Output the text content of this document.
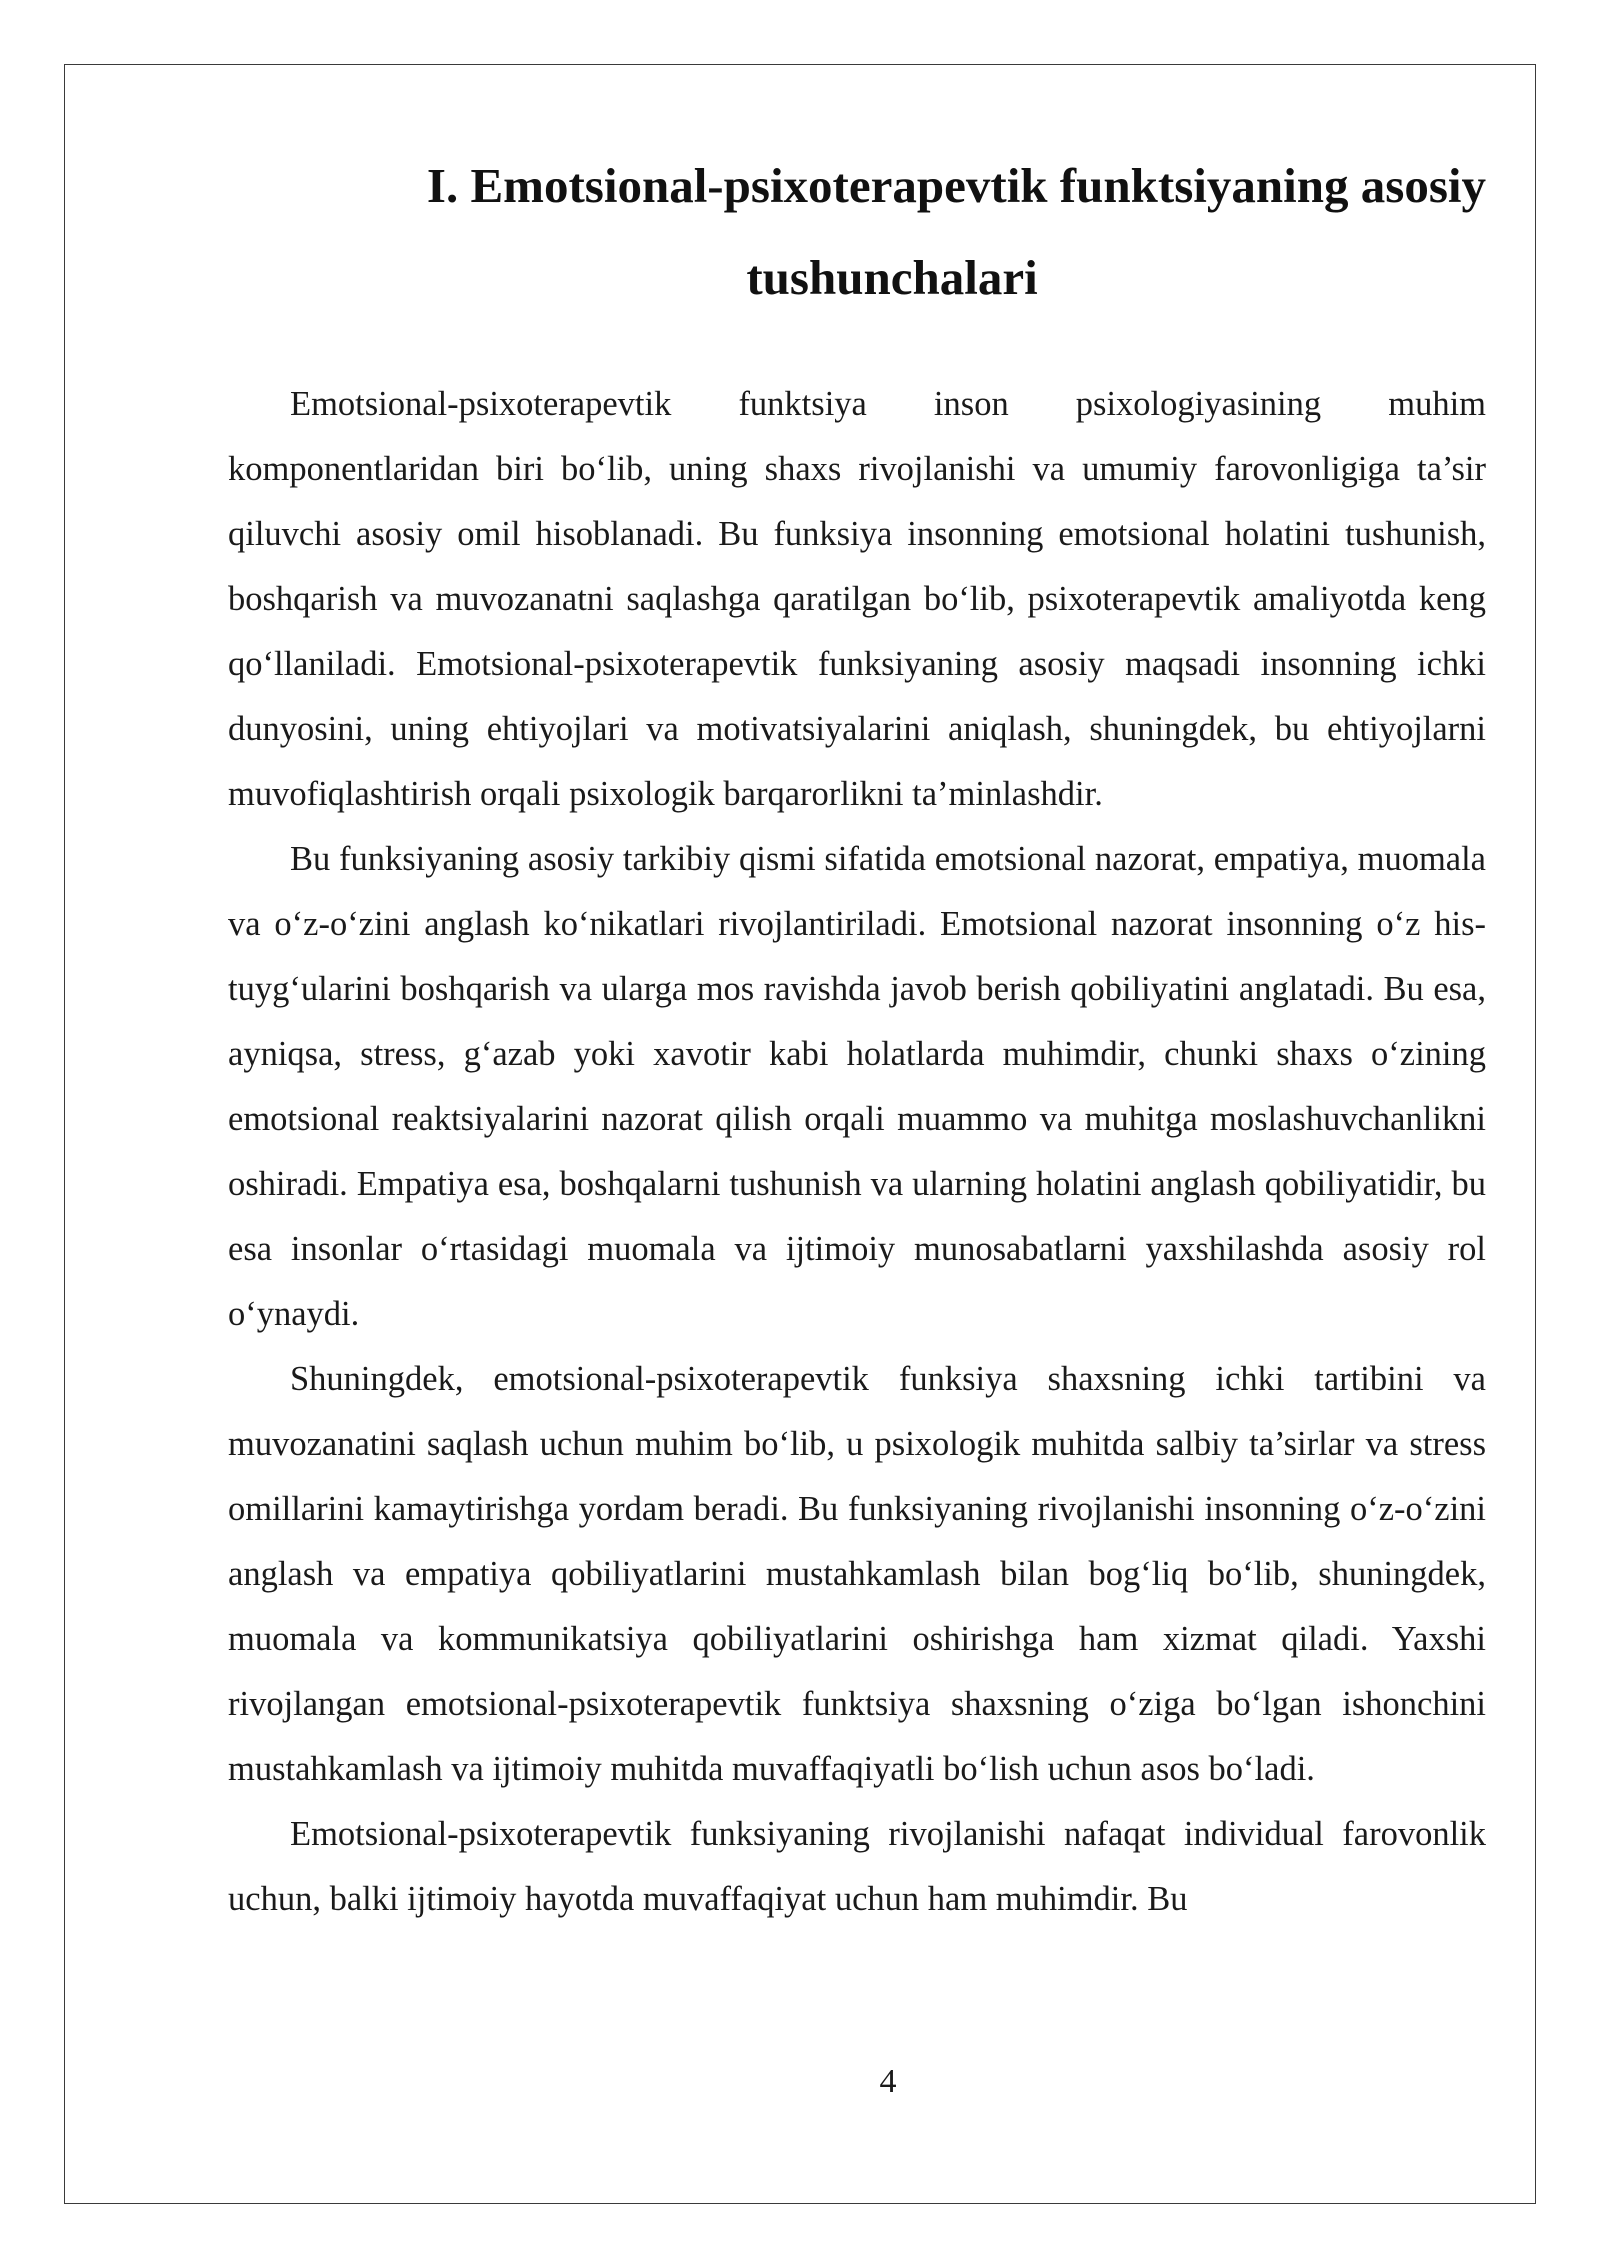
I. Emotsional-psixoterapevtik funktsiyaning asosiy
tushunchalari

Emotsional-psixoterapevtik funktsiya inson psixologiyasining muhim komponentlaridan biri bo‘lib, uning shaxs rivojlanishi va umumiy farovonligiga ta’sir qiluvchi asosiy omil hisoblanadi. Bu funksiya insonning emotsional holatini tushunish, boshqarish va muvozanatni saqlashga qaratilgan bo‘lib, psixoterapevtik amaliyotda keng qo‘llaniladi. Emotsional-psixoterapevtik funksiyaning asosiy maqsadi insonning ichki dunyosini, uning ehtiyojlari va motivatsiyalarini aniqlash, shuningdek, bu ehtiyojlarni muvofiqlashtirish orqali psixologik barqarorlikni ta’minlashdir.

Bu funksiyaning asosiy tarkibiy qismi sifatida emotsional nazorat, empatiya, muomala va o‘z-o‘zini anglash ko‘nikatlari rivojlantiriladi. Emotsional nazorat insonning o‘z his-tuyg‘ularini boshqarish va ularga mos ravishda javob berish qobiliyatini anglatadi. Bu esa, ayniqsa, stress, g‘azab yoki xavotir kabi holatlarda muhimdir, chunki shaxs o‘zining emotsional reaktsiyalarini nazorat qilish orqali muammo va muhitga moslashuvchanlikni oshiradi. Empatiya esa, boshqalarni tushunish va ularning holatini anglash qobiliyatidir, bu esa insonlar o‘rtasidagi muomala va ijtimoiy munosabatlarni yaxshilashda asosiy rol o‘ynaydi.

Shuningdek, emotsional-psixoterapevtik funksiya shaxsning ichki tartibini va muvozanatini saqlash uchun muhim bo‘lib, u psixologik muhitda salbiy ta’sirlar va stress omillarini kamaytirishga yordam beradi. Bu funksiyaning rivojlanishi insonning o‘z-o‘zini anglash va empatiya qobiliyatlarini mustahkamlash bilan bog‘liq bo‘lib, shuningdek, muomala va kommunikatsiya qobiliyatlarini oshirishga ham xizmat qiladi. Yaxshi rivojlangan emotsional-psixoterapevtik funktsiya shaxsning o‘ziga bo‘lgan ishonchini mustahkamlash va ijtimoiy muhitda muvaffaqiyatli bo‘lish uchun asos bo‘ladi.

Emotsional-psixoterapevtik funksiyaning rivojlanishi nafaqat individual farovonlik uchun, balki ijtimoiy hayotda muvaffaqiyat uchun ham muhimdir. Bu

4
